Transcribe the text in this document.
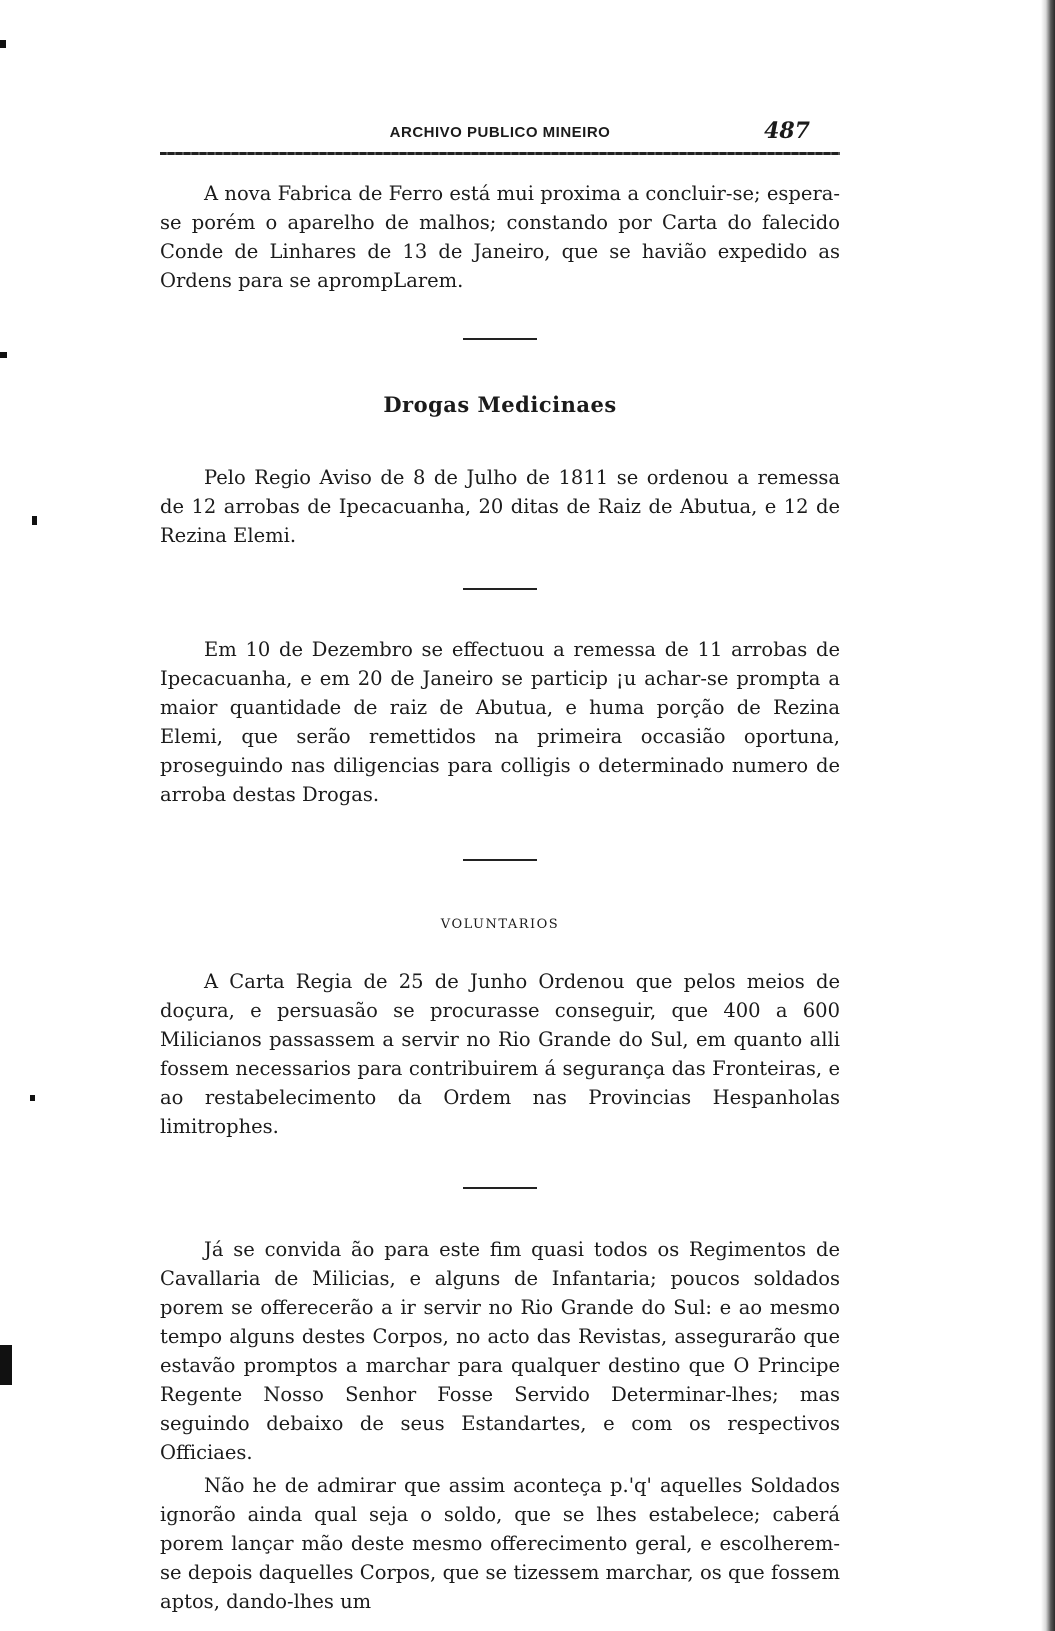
ARCHIVO PUBLICO MINEIRO	487

A nova Fabrica de Ferro está mui proxima a concluir-se; espera-se porém o aparelho de malhos; constando por Carta do falecido Conde de Linhares de 13 de Janeiro, que se havião expedido as Ordens para se aprompLarem.

Drogas Medicinaes

Pelo Regio Aviso de 8 de Julho de 1811 se ordenou a remessa de 12 arrobas de Ipecacuanha, 20 ditas de Raiz de Abutua, e 12 de Rezina Elemi.

Em 10 de Dezembro se effectuou a remessa de 11 arrobas de Ipecacuanha, e em 20 de Janeiro se particip ¡u achar-se prompta a maior quantidade de raiz de Abutua, e huma porção de Rezina Elemi, que serão remettidos na primeira occasião oportuna, proseguindo nas diligencias para colligis o determinado numero de arroba destas Drogas.

VOLUNTARIOS

A Carta Regia de 25 de Junho Ordenou que pelos meios de doçura, e persuasão se procurasse conseguir, que 400 a 600 Milicianos passassem a servir no Rio Grande do Sul, em quanto alli fossem necessarios para contribuirem á segurança das Fronteiras, e ao restabelecimento da Ordem nas Provincias Hespanholas limitrophes.

Já se convida ão para este fim quasi todos os Regimentos de Cavallaria de Milicias, e alguns de Infantaria; poucos soldados porem se offerecerão a ir servir no Rio Grande do Sul: e ao mesmo tempo alguns destes Corpos, no acto das Revistas, assegurarão que estavão promptos a marchar para qualquer destino que O Principe Regente Nosso Senhor Fosse Servido Determinar-lhes; mas seguindo debaixo de seus Estandartes, e com os respectivos Officiaes.

Não he de admirar que assim aconteça p.'q' aquelles Soldados ignorão ainda qual seja o soldo, que se lhes estabelece; caberá porem lançar mão deste mesmo offerecimento geral, e escolherem-se depois daquelles Corpos, que se tizessem marchar, os que fossem aptos, dando-lhes um
